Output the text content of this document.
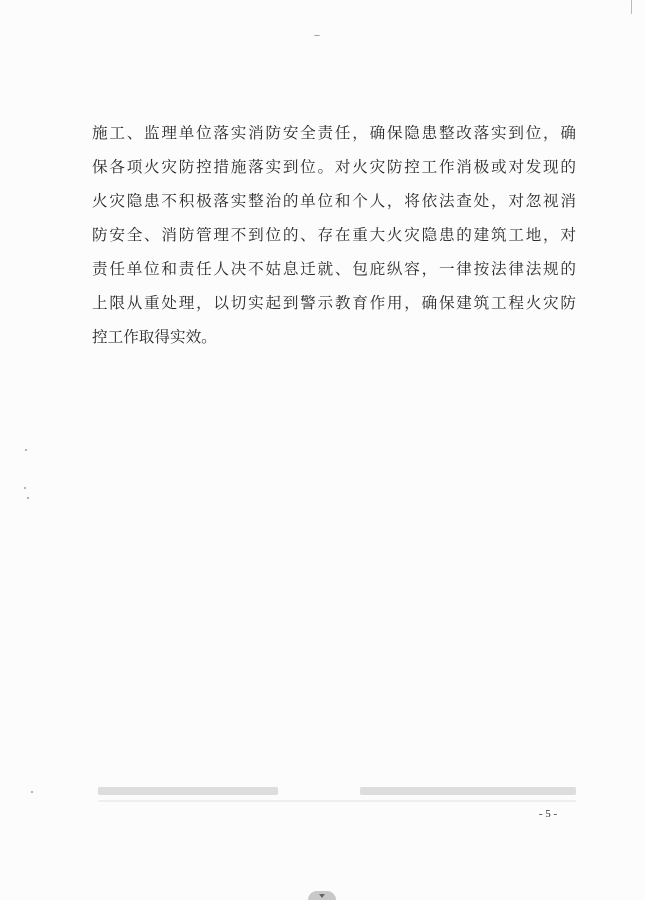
施工、监理单位落实消防安全责任，确保隐患整改落实到位，确
保各项火灾防控措施落实到位。对火灾防控工作消极或对发现的
火灾隐患不积极落实整治的单位和个人，将依法查处，对忽视消
防安全、消防管理不到位的、存在重大火灾隐患的建筑工地，对
责任单位和责任人决不姑息迁就、包庇纵容，一律按法律法规的
上限从重处理，以切实起到警示教育作用，确保建筑工程火灾防
控工作取得实效。
- 5 -
